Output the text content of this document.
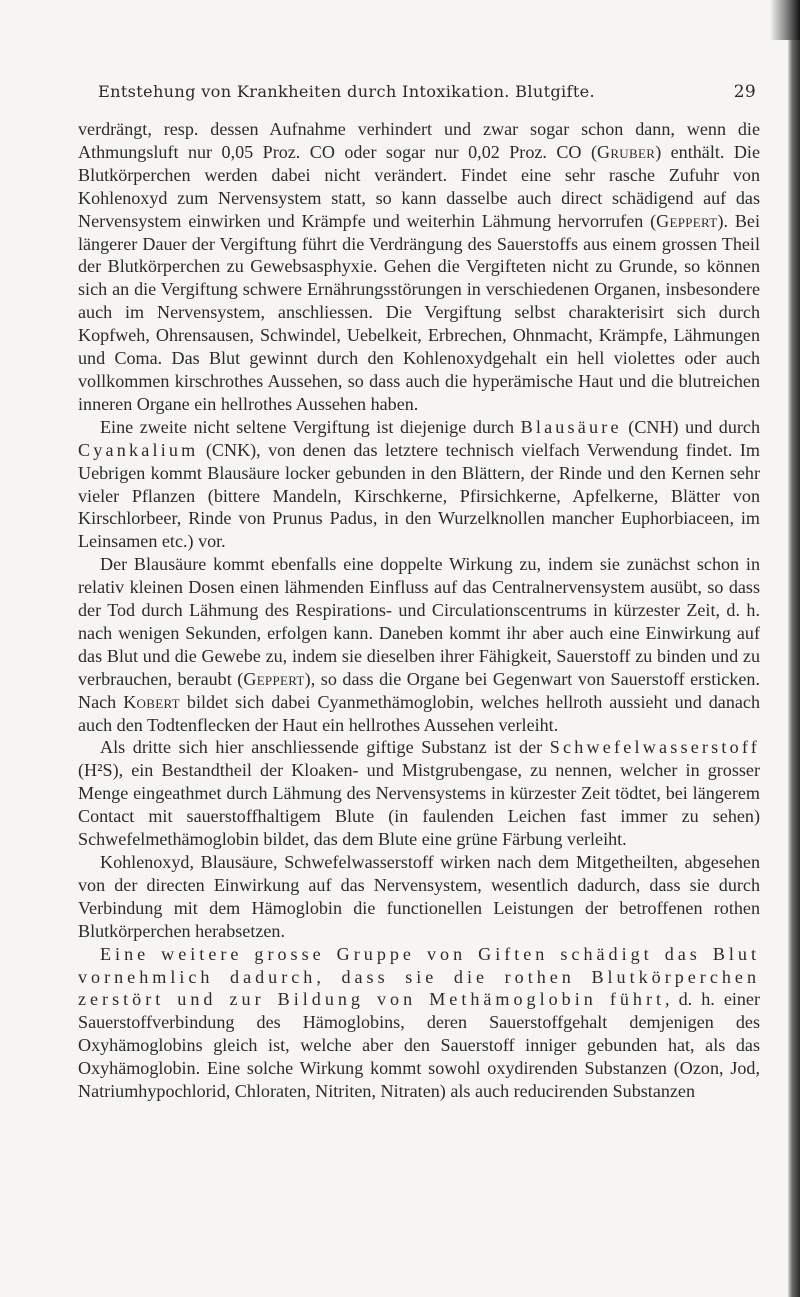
Entstehung von Krankheiten durch Intoxikation. Blutgifte.	29

verdrängt, resp. dessen Aufnahme verhindert und zwar sogar schon dann, wenn die Athmungsluft nur 0,05 Proz. CO oder sogar nur 0,02 Proz. CO (Gruber) enthält. Die Blutkörperchen werden dabei nicht verändert. Findet eine sehr rasche Zufuhr von Kohlenoxyd zum Nervensystem statt, so kann dasselbe auch direct schädigend auf das Nervensystem einwirken und Krämpfe und weiterhin Lähmung hervorrufen (Geppert). Bei längerer Dauer der Vergiftung führt die Verdrängung des Sauerstoffs aus einem grossen Theil der Blutkörperchen zu Gewebsasphyxie. Gehen die Vergifteten nicht zu Grunde, so können sich an die Vergiftung schwere Ernährungsstörungen in verschiedenen Organen, insbesondere auch im Nervensystem, anschliessen. Die Vergiftung selbst charakterisirt sich durch Kopfweh, Ohrensausen, Schwindel, Uebelkeit, Erbrechen, Ohnmacht, Krämpfe, Lähmungen und Coma. Das Blut gewinnt durch den Kohlenoxydgehalt ein hell violettes oder auch vollkommen kirschrothes Aussehen, so dass auch die hyperämische Haut und die blutreichen inneren Organe ein hellrothes Aussehen haben.

Eine zweite nicht seltene Vergiftung ist diejenige durch Blausäure (CNH) und durch Cyankalium (CNK), von denen das letztere technisch vielfach Verwendung findet. Im Uebrigen kommt Blausäure locker gebunden in den Blättern, der Rinde und den Kernen sehr vieler Pflanzen (bittere Mandeln, Kirschkerne, Pfirsichkerne, Apfelkerne, Blätter von Kirschlorbeer, Rinde von Prunus Padus, in den Wurzelknollen mancher Euphorbiaceen, im Leinsamen etc.) vor.

Der Blausäure kommt ebenfalls eine doppelte Wirkung zu, indem sie zunächst schon in relativ kleinen Dosen einen lähmenden Einfluss auf das Centralnervensystem ausübt, so dass der Tod durch Lähmung des Respirations- und Circulationscentrums in kürzester Zeit, d. h. nach wenigen Sekunden, erfolgen kann. Daneben kommt ihr aber auch eine Einwirkung auf das Blut und die Gewebe zu, indem sie dieselben ihrer Fähigkeit, Sauerstoff zu binden und zu verbrauchen, beraubt (Geppert), so dass die Organe bei Gegenwart von Sauerstoff ersticken. Nach Kobert bildet sich dabei Cyanmethämoglobin, welches hellroth aussieht und danach auch den Todtenflecken der Haut ein hellrothes Aussehen verleiht.

Als dritte sich hier anschliessende giftige Substanz ist der Schwefelwasserstoff (H²S), ein Bestandtheil der Kloaken- und Mistgrubengase, zu nennen, welcher in grosser Menge eingeathmet durch Lähmung des Nervensystems in kürzester Zeit tödtet, bei längerem Contact mit sauerstoffhaltigem Blute (in faulenden Leichen fast immer zu sehen) Schwefelmethämoglobin bildet, das dem Blute eine grüne Färbung verleiht.

Kohlenoxyd, Blausäure, Schwefelwasserstoff wirken nach dem Mitgetheilten, abgesehen von der directen Einwirkung auf das Nervensystem, wesentlich dadurch, dass sie durch Verbindung mit dem Hämoglobin die functionellen Leistungen der betroffenen rothen Blutkörperchen herabsetzen.

Eine weitere grosse Gruppe von Giften schädigt das Blut vornehmlich dadurch, dass sie die rothen Blutkörperchen zerstört und zur Bildung von Methämoglobin führt, d. h. einer Sauerstoffverbindung des Hämoglobins, deren Sauerstoffgehalt demjenigen des Oxyhämoglobins gleich ist, welche aber den Sauerstoff inniger gebunden hat, als das Oxyhämoglobin. Eine solche Wirkung kommt sowohl oxydirenden Substanzen (Ozon, Jod, Natriumhypochlorid, Chloraten, Nitriten, Nitraten) als auch reducirenden Substanzen
